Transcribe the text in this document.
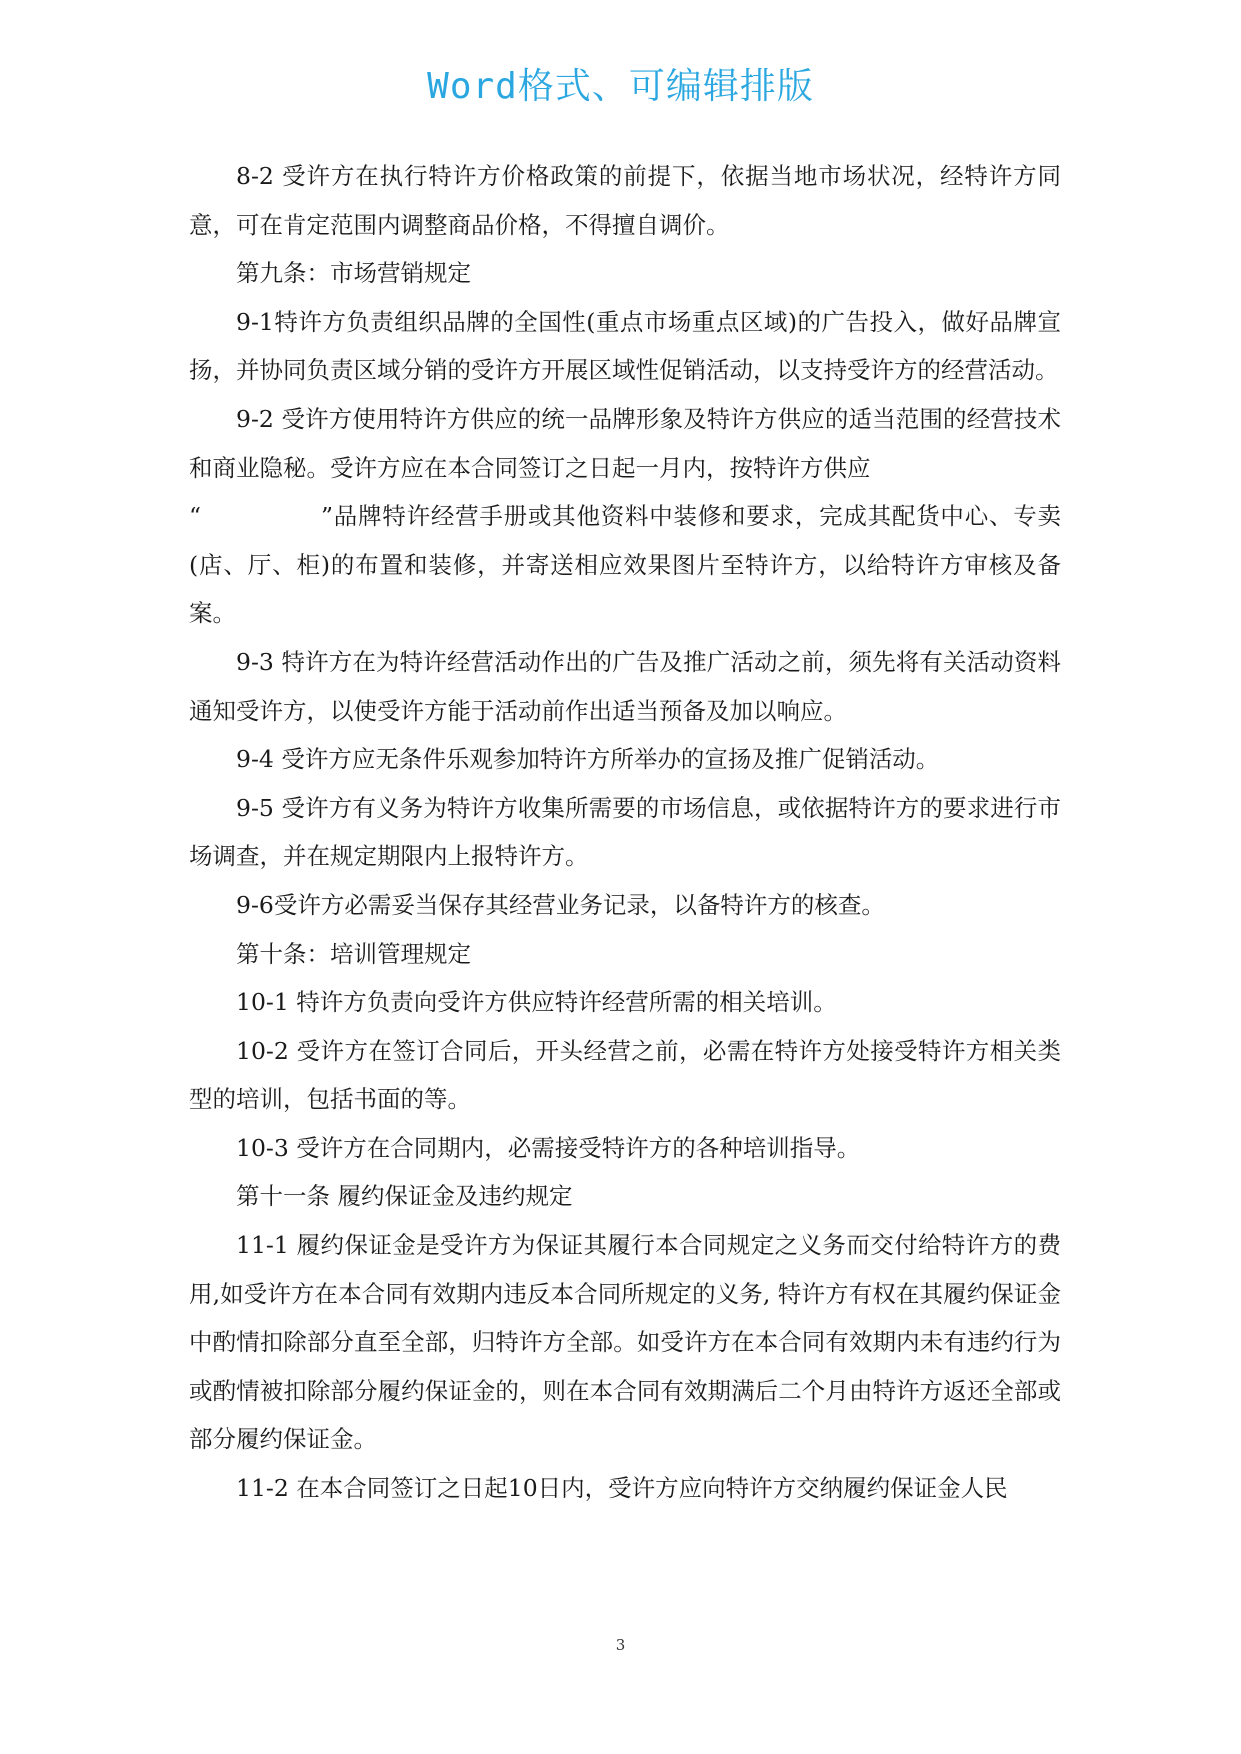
Word格式、可编辑排版

8-2 受许方在执行特许方价格政策的前提下，依据当地市场状况，经特许方同意，可在肯定范围内调整商品价格，不得擅自调价。

第九条：市场营销规定

9-1特许方负责组织品牌的全国性(重点市场重点区域)的广告投入，做好品牌宣扬，并协同负责区域分销的受许方开展区域性促销活动，以支持受许方的经营活动。

9-2 受许方使用特许方供应的统一品牌形象及特许方供应的适当范围的经营技术和商业隐秘。受许方应在本合同签订之日起一月内，按特许方供应
“	”品牌特许经营手册或其他资料中装修和要求，完成其配货中心、专卖(店、厅、柜)的布置和装修，并寄送相应效果图片至特许方，以给特许方审核及备案。

9-3 特许方在为特许经营活动作出的广告及推广活动之前，须先将有关活动资料通知受许方，以使受许方能于活动前作出适当预备及加以响应。

9-4 受许方应无条件乐观参加特许方所举办的宣扬及推广促销活动。

9-5 受许方有义务为特许方收集所需要的市场信息，或依据特许方的要求进行市场调查，并在规定期限内上报特许方。

9-6受许方必需妥当保存其经营业务记录，以备特许方的核查。

第十条：培训管理规定

10-1 特许方负责向受许方供应特许经营所需的相关培训。

10-2 受许方在签订合同后，开头经营之前，必需在特许方处接受特许方相关类型的培训，包括书面的等。

10-3 受许方在合同期内，必需接受特许方的各种培训指导。

第十一条 履约保证金及违约规定

11-1 履约保证金是受许方为保证其履行本合同规定之义务而交付给特许方的费用,如受许方在本合同有效期内违反本合同所规定的义务, 特许方有权在其履约保证金中酌情扣除部分直至全部，归特许方全部。如受许方在本合同有效期内未有违约行为或酌情被扣除部分履约保证金的，则在本合同有效期满后二个月由特许方返还全部或部分履约保证金。

11-2 在本合同签订之日起10日内，受许方应向特许方交纳履约保证金人民

3
